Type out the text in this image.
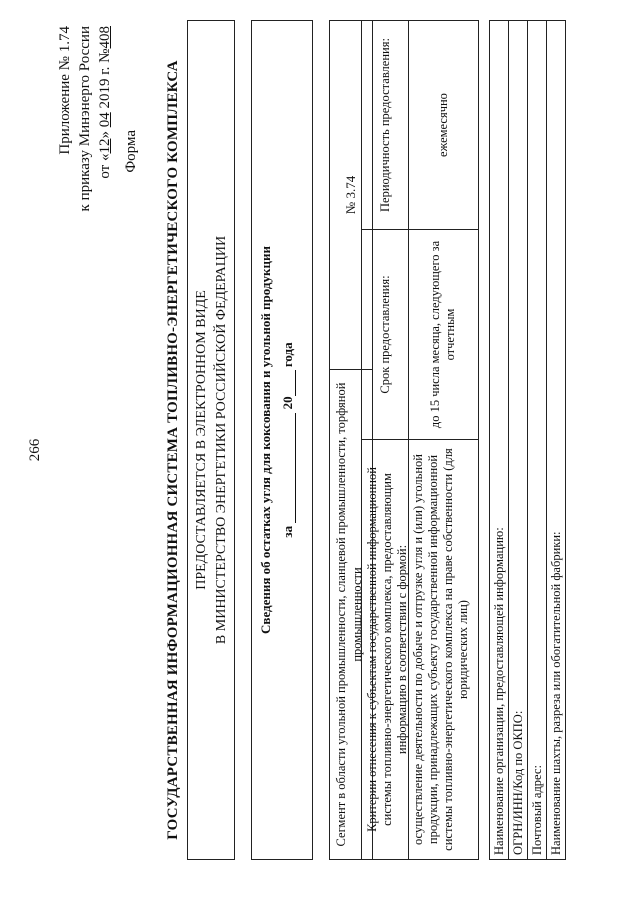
266
Приложение № 1.74 к приказу Минэнерго России от «12» 04 2019 г. №408
Форма ГОСУДАРСТВЕННАЯ ИНФОРМАЦИОННАЯ СИСТЕМА ТОПЛИВНО-ЭНЕРГЕТИЧЕСКОГО КОМПЛЕКСА ПРЕДОСТАВЛЯЕТСЯ В ЭЛЕКТРОННОМ ВИДЕ В МИНИСТЕРСТВО ЭНЕРГЕТИКИ РОССИЙСКОЙ ФЕДЕРАЦИИ Сведения об остатках угля для коксования и угольной продукции за  20 года
Сегмент в области угольной промышленности, сланцевой промышленности, торфяной промышленности
№ 3.74
Критерии отнесения к субъектам государственной информационной системы топливно-энергетического комплекса, предоставляющим информацию в соответствии с формой:
Срок предоставления:
Периодичность предоставления:
осуществление деятельности по добыче и отгрузке угля и (или) угольной продукции, принадлежащих субъекту государственной информационной системы топливно-энергетического комплекса на праве собственности (для юридических лиц)
до 15 числа месяца, следующего за отчетным
ежемесячно
Наименование организации, предоставляющей информацию: ОГРН/ИНН/Код по ОКПО: Почтовый адрес: Наименование шахты, разреза или обогатительной фабрики:
